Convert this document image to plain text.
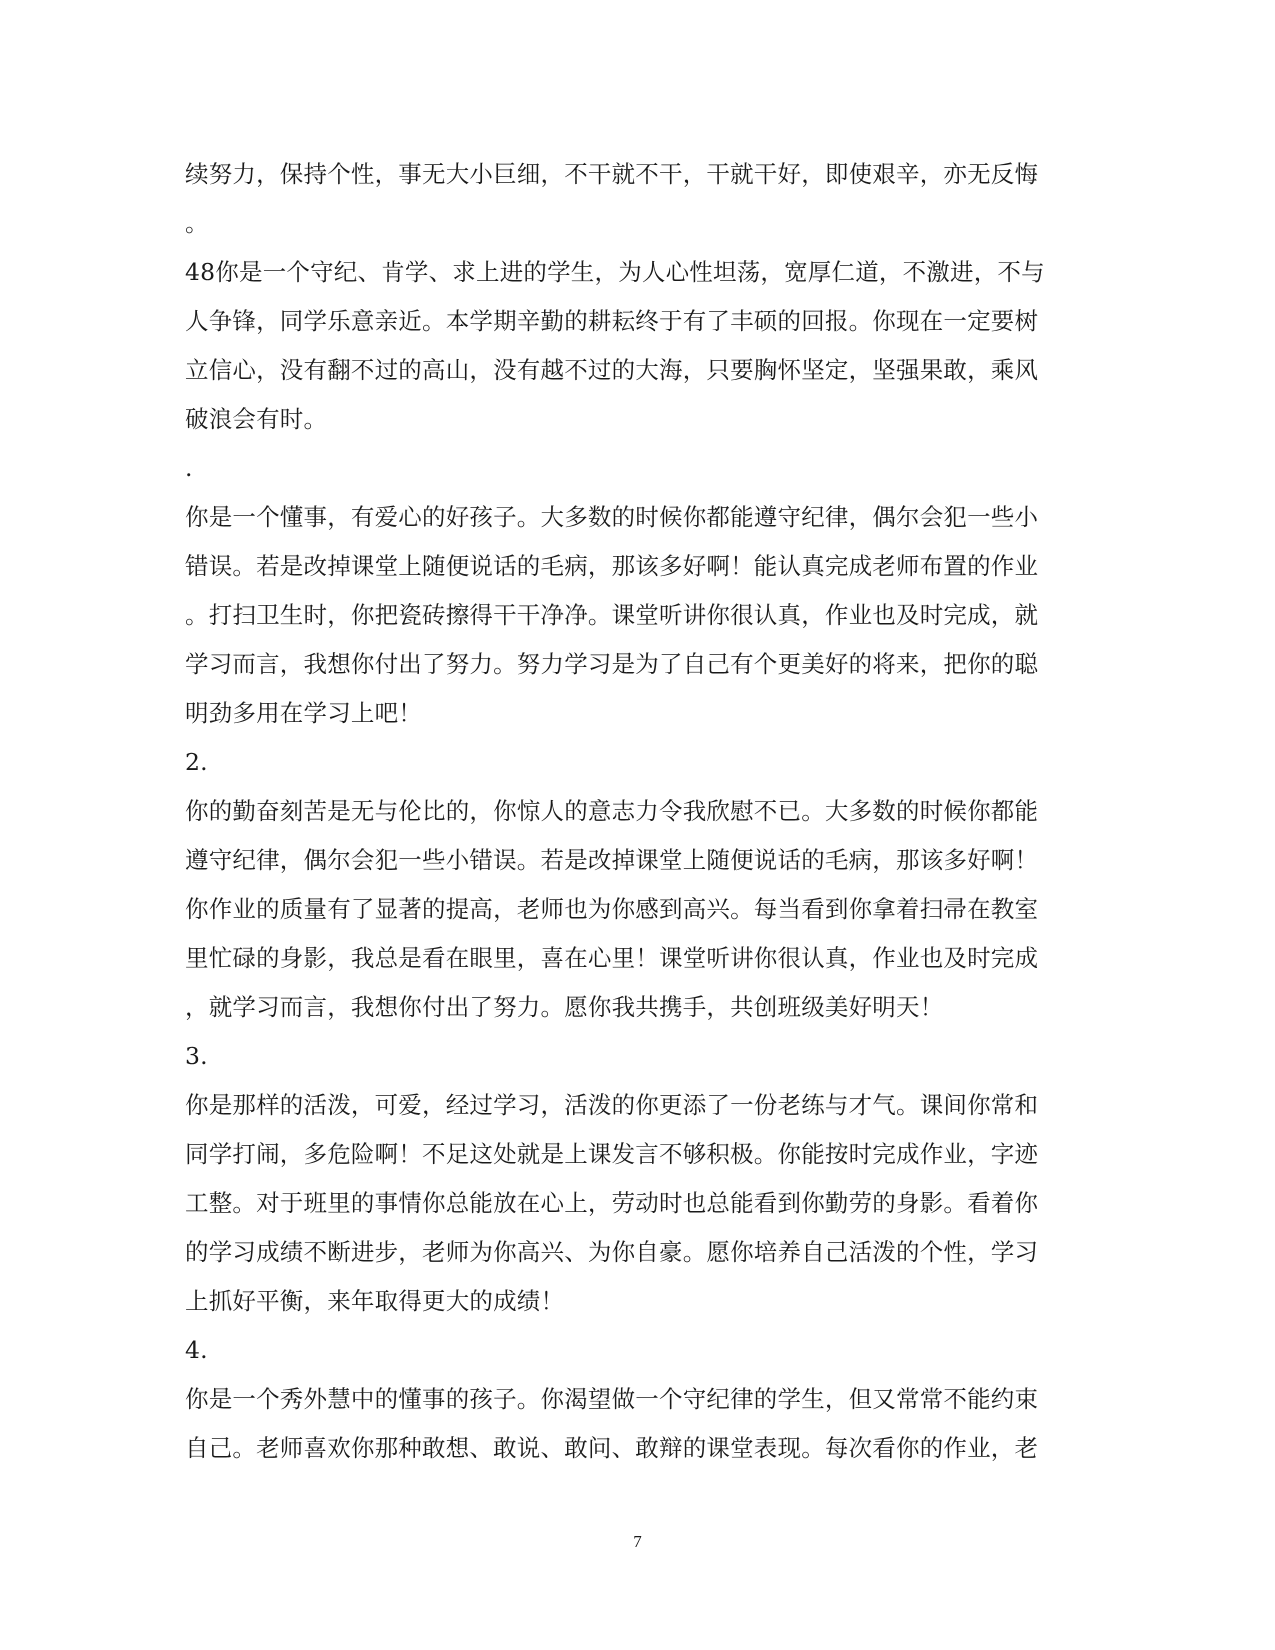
续努力，保持个性，事无大小巨细，不干就不干，干就干好，即使艰辛，亦无反悔
。
48你是一个守纪、肯学、求上进的学生，为人心性坦荡，宽厚仁道，不激进，不与
人争锋，同学乐意亲近。本学期辛勤的耕耘终于有了丰硕的回报。你现在一定要树
立信心，没有翻不过的高山，没有越不过的大海，只要胸怀坚定，坚强果敢，乘风
破浪会有时。
.
你是一个懂事，有爱心的好孩子。大多数的时候你都能遵守纪律，偶尔会犯一些小
错误。若是改掉课堂上随便说话的毛病，那该多好啊！能认真完成老师布置的作业
。打扫卫生时，你把瓷砖擦得干干净净。课堂听讲你很认真，作业也及时完成，就
学习而言，我想你付出了努力。努力学习是为了自己有个更美好的将来，把你的聪
明劲多用在学习上吧！
2.
你的勤奋刻苦是无与伦比的，你惊人的意志力令我欣慰不已。大多数的时候你都能
遵守纪律，偶尔会犯一些小错误。若是改掉课堂上随便说话的毛病，那该多好啊！
你作业的质量有了显著的提高，老师也为你感到高兴。每当看到你拿着扫帚在教室
里忙碌的身影，我总是看在眼里，喜在心里！课堂听讲你很认真，作业也及时完成
，就学习而言，我想你付出了努力。愿你我共携手，共创班级美好明天！
3.
你是那样的活泼，可爱，经过学习，活泼的你更添了一份老练与才气。课间你常和
同学打闹，多危险啊！不足这处就是上课发言不够积极。你能按时完成作业，字迹
工整。对于班里的事情你总能放在心上，劳动时也总能看到你勤劳的身影。看着你
的学习成绩不断进步，老师为你高兴、为你自豪。愿你培养自己活泼的个性，学习
上抓好平衡，来年取得更大的成绩！
4.
你是一个秀外慧中的懂事的孩子。你渴望做一个守纪律的学生，但又常常不能约束
自己。老师喜欢你那种敢想、敢说、敢问、敢辩的课堂表现。每次看你的作业，老
7
